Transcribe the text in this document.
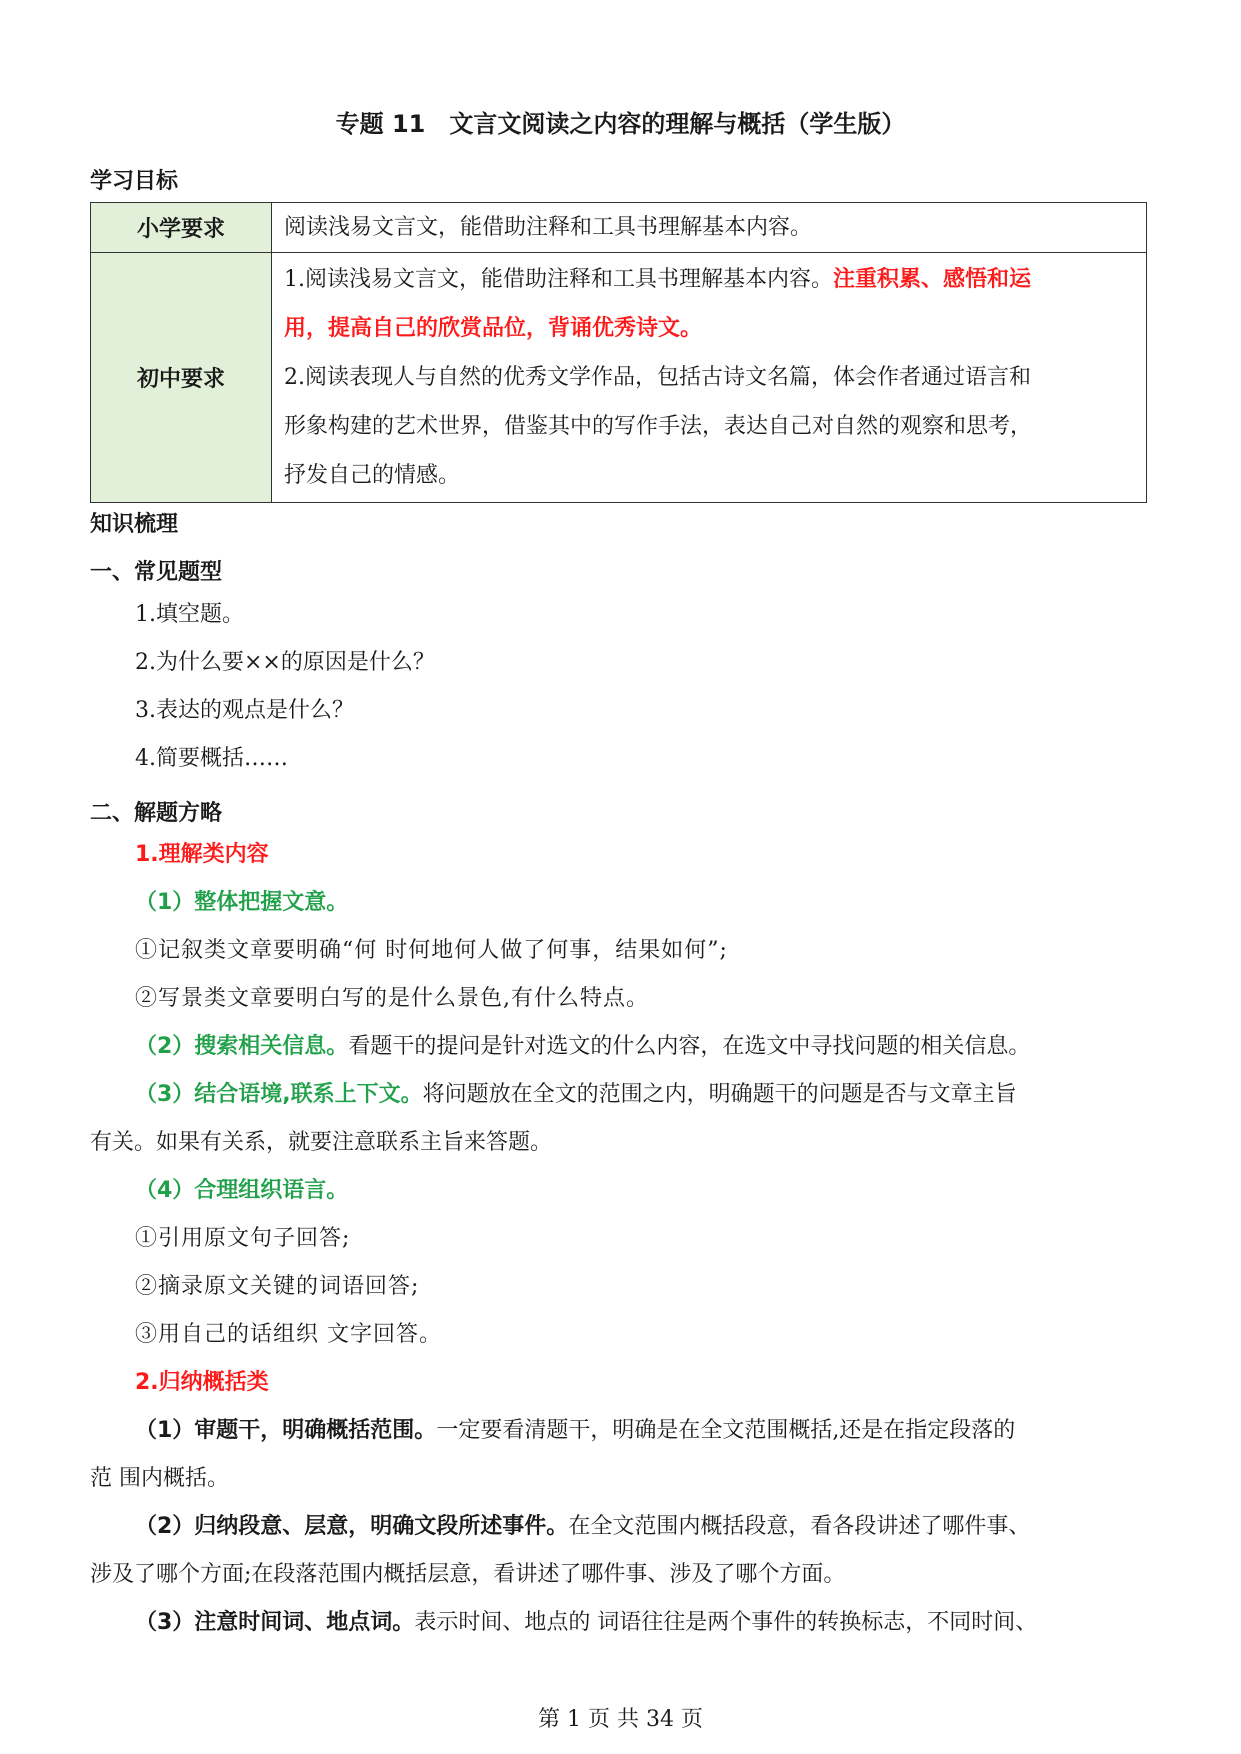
专题 11　文言文阅读之内容的理解与概括（学生版）
学习目标
小学要求	阅读浅易文言文，能借助注释和工具书理解基本内容。
初中要求	1.阅读浅易文言文，能借助注释和工具书理解基本内容。注重积累、感悟和运
用，提高自己的欣赏品位，背诵优秀诗文。
2.阅读表现人与自然的优秀文学作品，包括古诗文名篇，体会作者通过语言和
形象构建的艺术世界，借鉴其中的写作手法，表达自己对自然的观察和思考，
抒发自己的情感。
知识梳理
一、常见题型
1.填空题。
2.为什么要××的原因是什么？
3.表达的观点是什么？
4.简要概括……
二、解题方略
1.理解类内容
（1）整体把握文意。
①记叙类文章要明确“何 时何地何人做了何事，结果如何”;
②写景类文章要明白写的是什么景色,有什么特点。
（2）搜索相关信息。看题干的提问是针对选文的什么内容，在选文中寻找问题的相关信息。
（3）结合语境,联系上下文。将问题放在全文的范围之内，明确题干的问题是否与文章主旨
有关。如果有关系，就要注意联系主旨来答题。
（4）合理组织语言。
①引用原文句子回答;
②摘录原文关键的词语回答;
③用自己的话组织 文字回答。
2.归纳概括类
（1）审题干，明确概括范围。一定要看清题干，明确是在全文范围概括,还是在指定段落的
范 围内概括。
（2）归纳段意、层意，明确文段所述事件。在全文范围内概括段意，看各段讲述了哪件事、
涉及了哪个方面;在段落范围内概括层意，看讲述了哪件事、涉及了哪个方面。
（3）注意时间词、地点词。表示时间、地点的 词语往往是两个事件的转换标志，不同时间、
第 1 页 共 34 页
